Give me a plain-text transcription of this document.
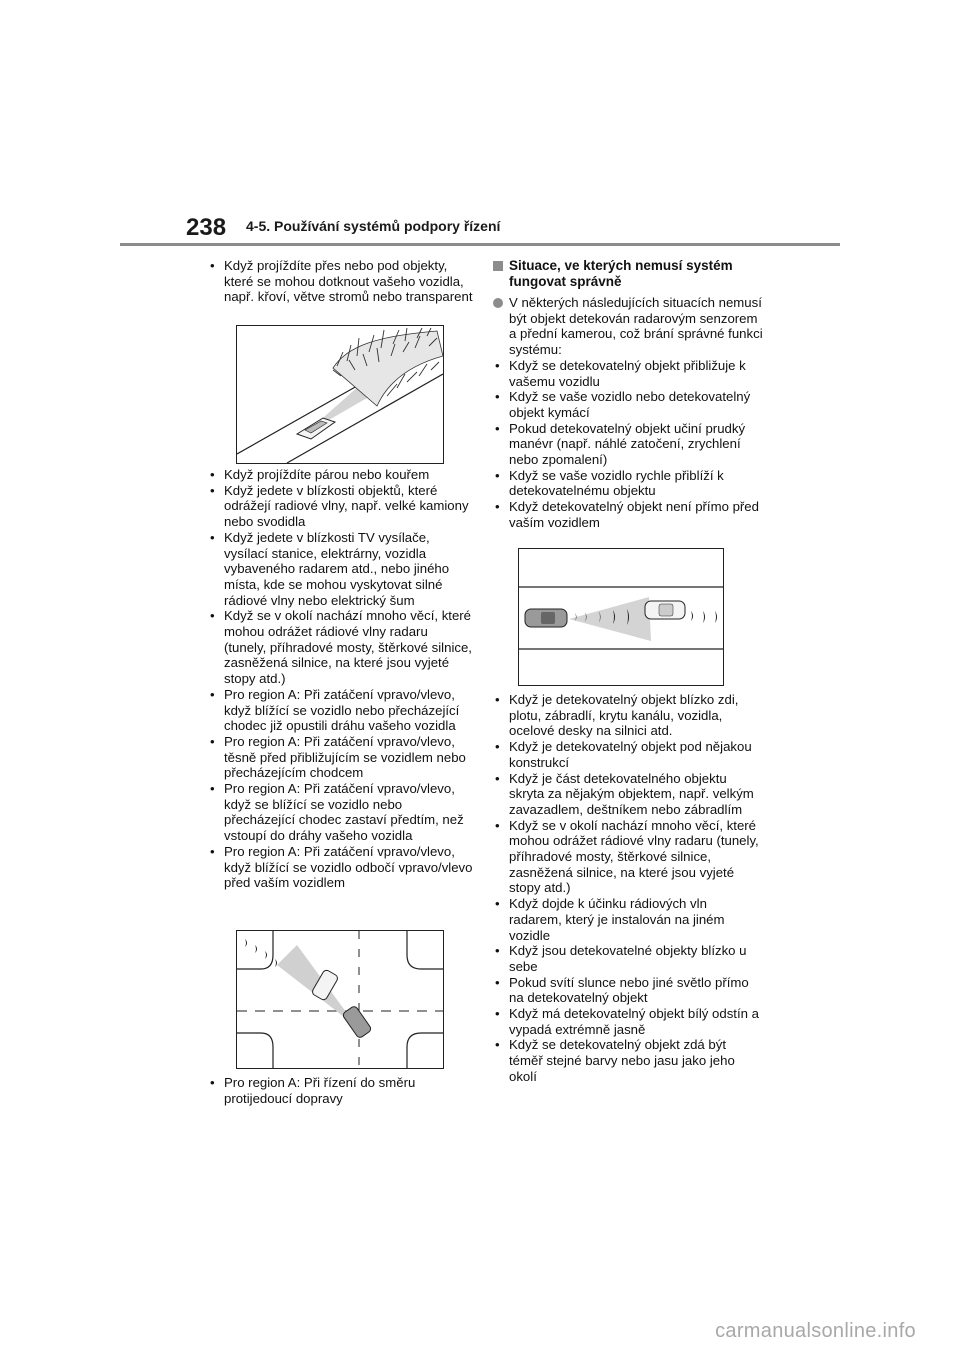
238 4-5. Používání systémů podpory řízení
• Když projíždíte přes nebo pod objekty, které se mohou dotknout vašeho vozidla, např. křoví, větve stromů nebo transparent
• Když projíždíte párou nebo kouřem
• Když jedete v blízkosti objektů, které odrážejí radiové vlny, např. velké kamiony nebo svodidla
• Když jedete v blízkosti TV vysílače, vysílací stanice, elektrárny, vozidla vybaveného radarem atd., nebo jiného místa, kde se mohou vyskytovat silné rádiové vlny nebo elektrický šum
• Když se v okolí nachází mnoho věcí, které mohou odrážet rádiové vlny radaru (tunely, příhradové mosty, štěrkové silnice, zasněžená silnice, na které jsou vyjeté stopy atd.)
• Pro region A: Při zatáčení vpravo/vlevo, když blížící se vozidlo nebo přecházející chodec již opustili dráhu vašeho vozidla
• Pro region A: Při zatáčení vpravo/vlevo, těsně před přibližujícím se vozidlem nebo přecházejícím chodcem
• Pro region A: Při zatáčení vpravo/vlevo, když se blížící se vozidlo nebo přecházející chodec zastaví předtím, než vstoupí do dráhy vašeho vozidla
• Pro region A: Při zatáčení vpravo/vlevo, když blížící se vozidlo odbočí vpravo/vlevo před vaším vozidlem
• Pro region A: Při řízení do směru protijedoucí dopravy
Situace, ve kterých nemusí systém fungovat správně
V některých následujících situacích nemusí být objekt detekován radarovým senzorem a přední kamerou, což brání správné funkci systému:
• Když se detekovatelný objekt přibližuje k vašemu vozidlu
• Když se vaše vozidlo nebo detekovatelný objekt kymácí
• Pokud detekovatelný objekt učiní prudký manévr (např. náhlé zatočení, zrychlení nebo zpomalení)
• Když se vaše vozidlo rychle přiblíží k detekovatelnému objektu
• Když detekovatelný objekt není přímo před vaším vozidlem
• Když je detekovatelný objekt blízko zdi, plotu, zábradlí, krytu kanálu, vozidla, ocelové desky na silnici atd.
• Když je detekovatelný objekt pod nějakou konstrukcí
• Když je část detekovatelného objektu skryta za nějakým objektem, např. velkým zavazadlem, deštníkem nebo zábradlím
• Když se v okolí nachází mnoho věcí, které mohou odrážet rádiové vlny radaru (tunely, příhradové mosty, štěrkové silnice, zasněžená silnice, na které jsou vyjeté stopy atd.)
• Když dojde k účinku rádiových vln radarem, který je instalován na jiném vozidle
• Když jsou detekovatelné objekty blízko u sebe
• Pokud svítí slunce nebo jiné světlo přímo na detekovatelný objekt
• Když má detekovatelný objekt bílý odstín a vypadá extrémně jasně
• Když se detekovatelný objekt zdá být téměř stejné barvy nebo jasu jako jeho okolí
carmanualsonline.info
